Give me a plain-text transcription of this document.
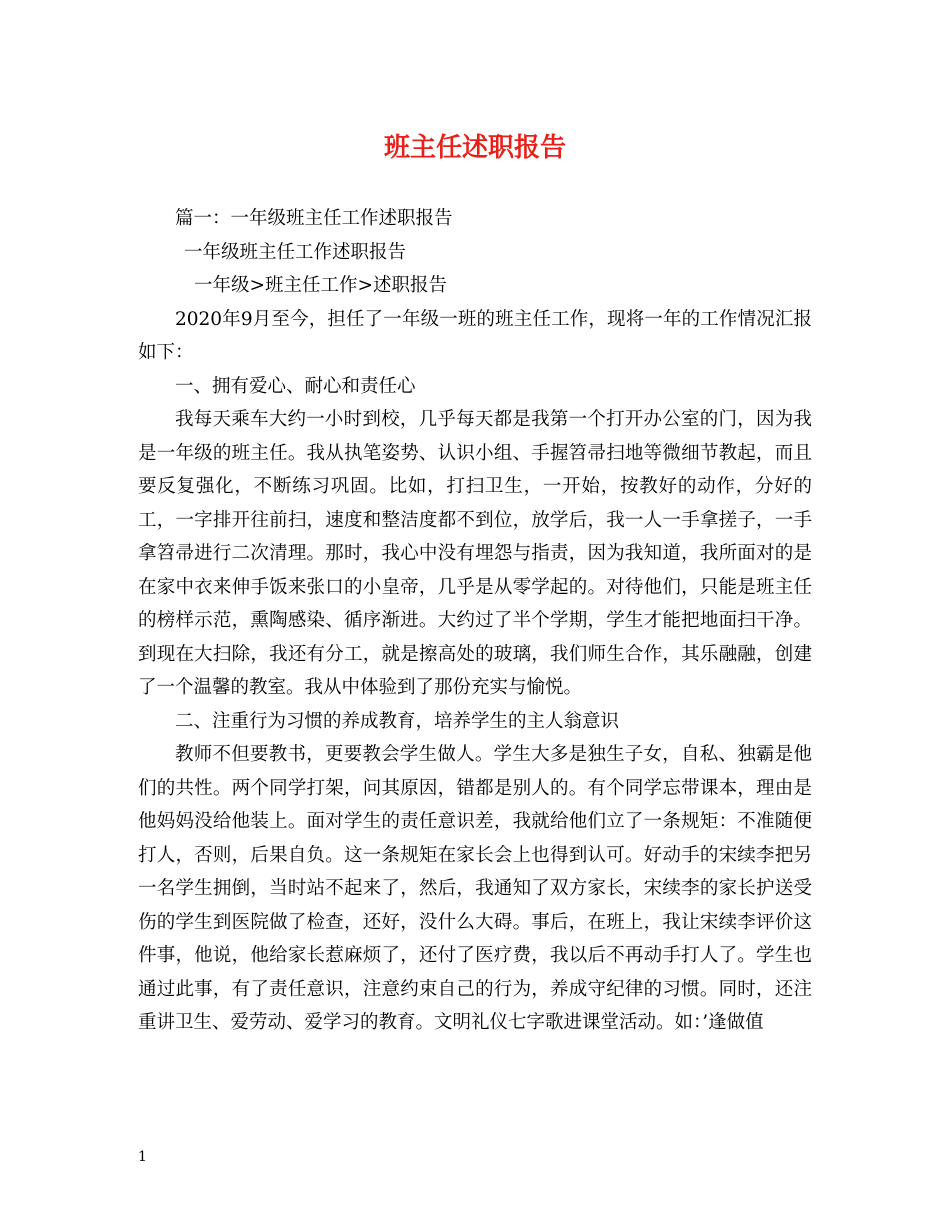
班主任述职报告

篇一：一年级班主任工作述职报告

一年级班主任工作述职报告

一年级>班主任工作>述职报告

2020年9月至今，担任了一年级一班的班主任工作，现将一年的工作情况汇报如下：

一、拥有爱心、耐心和责任心

我每天乘车大约一小时到校，几乎每天都是我第一个打开办公室的门，因为我是一年级的班主任。我从执笔姿势、认识小组、手握笤帚扫地等微细节教起，而且要反复强化，不断练习巩固。比如，打扫卫生，一开始，按教好的动作，分好的工，一字排开往前扫，速度和整洁度都不到位，放学后，我一人一手拿搓子，一手拿笤帚进行二次清理。那时，我心中没有埋怨与指责，因为我知道，我所面对的是在家中衣来伸手饭来张口的小皇帝，几乎是从零学起的。对待他们，只能是班主任的榜样示范，熏陶感染、循序渐进。大约过了半个学期，学生才能把地面扫干净。到现在大扫除，我还有分工，就是擦高处的玻璃，我们师生合作，其乐融融，创建了一个温馨的教室。我从中体验到了那份充实与愉悦。

二、注重行为习惯的养成教育，培养学生的主人翁意识

教师不但要教书，更要教会学生做人。学生大多是独生子女，自私、独霸是他们的共性。两个同学打架，问其原因，错都是别人的。有个同学忘带课本，理由是他妈妈没给他装上。面对学生的责任意识差，我就给他们立了一条规矩：不准随便打人，否则，后果自负。这一条规矩在家长会上也得到认可。好动手的宋续李把另一名学生拥倒，当时站不起来了，然后，我通知了双方家长，宋续李的家长护送受伤的学生到医院做了检查，还好，没什么大碍。事后，在班上，我让宋续李评价这件事，他说，他给家长惹麻烦了，还付了医疗费，我以后不再动手打人了。学生也通过此事，有了责任意识，注意约束自己的行为，养成守纪律的习惯。同时，还注重讲卫生、爱劳动、爱学习的教育。文明礼仪七字歌进课堂活动。如：’逢做值

1
